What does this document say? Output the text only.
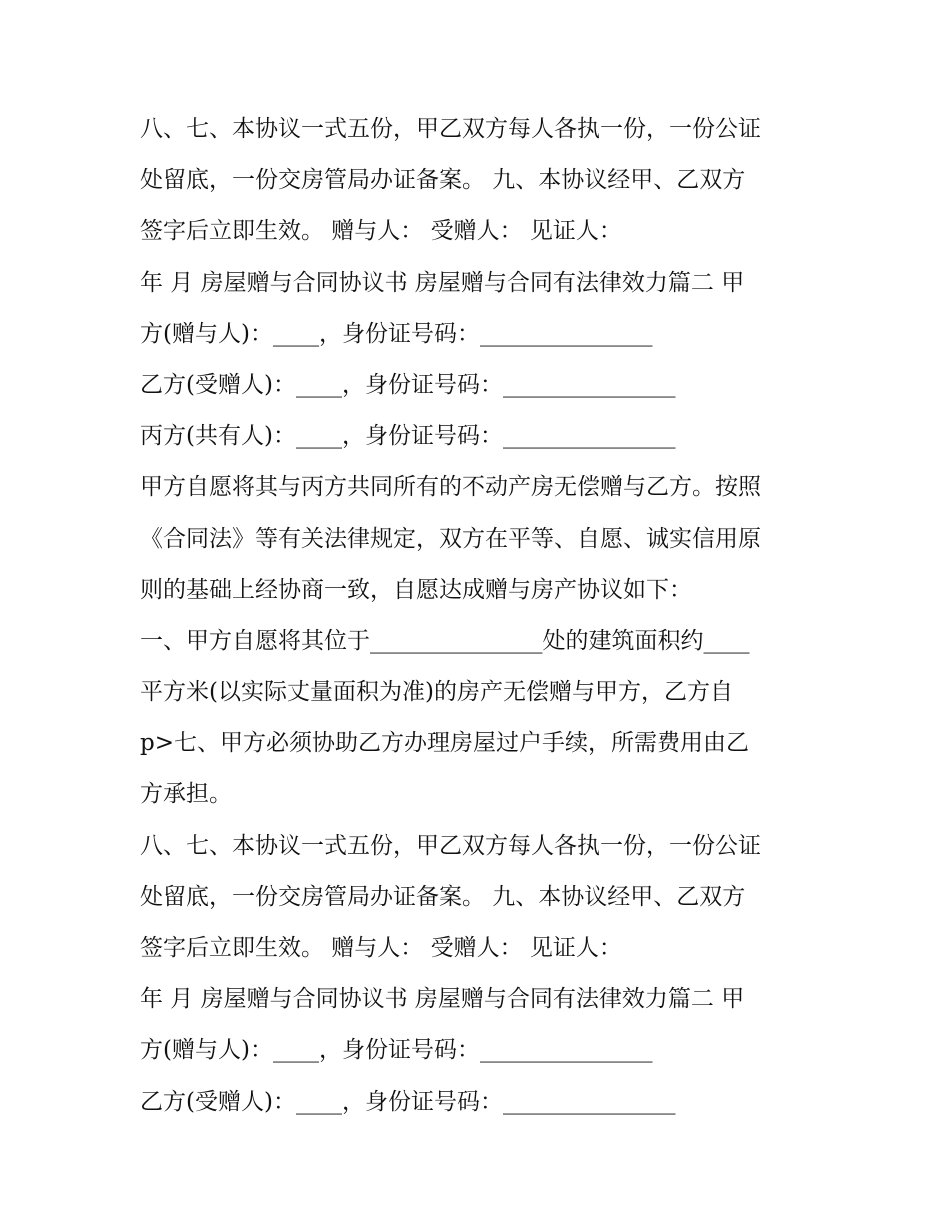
八、七、本协议一式五份，甲乙双方每人各执一份，一份公证
处留底，一份交房管局办证备案。 九、本协议经甲、乙双方
签字后立即生效。 赠与人： 受赠人： 见证人：
年 月 房屋赠与合同协议书 房屋赠与合同有法律效力篇二 甲
方(赠与人)：____，身份证号码：_______________
乙方(受赠人)：____，身份证号码：_______________
丙方(共有人)：____，身份证号码：_______________
甲方自愿将其与丙方共同所有的不动产房无偿赠与乙方。按照
《合同法》等有关法律规定，双方在平等、自愿、诚实信用原
则的基础上经协商一致，自愿达成赠与房产协议如下：
一、甲方自愿将其位于_______________处的建筑面积约____
平方米(以实际丈量面积为准)的房产无偿赠与甲方，乙方自
p>七、甲方必须协助乙方办理房屋过户手续，所需费用由乙
方承担。
八、七、本协议一式五份，甲乙双方每人各执一份，一份公证
处留底，一份交房管局办证备案。 九、本协议经甲、乙双方
签字后立即生效。 赠与人： 受赠人： 见证人：
年 月 房屋赠与合同协议书 房屋赠与合同有法律效力篇二 甲
方(赠与人)：____，身份证号码：_______________
乙方(受赠人)：____，身份证号码：_______________
